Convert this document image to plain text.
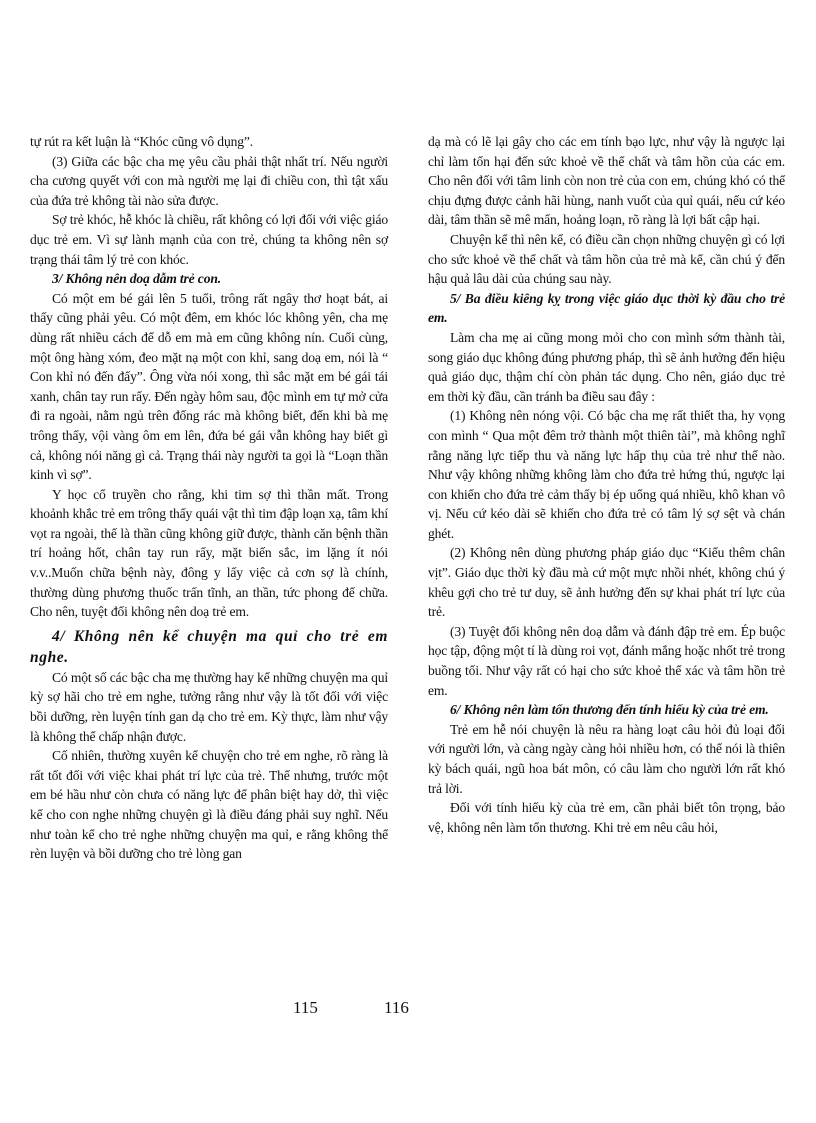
tự rút ra kết luận là “Khóc cũng vô dụng”.

(3) Giữa các bậc cha mẹ yêu cầu phải thật nhất trí. Nếu người cha cương quyết với con mà người mẹ lại đi chiều con, thì tật xấu của đứa trẻ không tài nào sửa được.

Sợ trẻ khóc, hễ khóc là chiều, rất không có lợi đối với việc giáo dục trẻ em. Vì sự lành mạnh của con trẻ, chúng ta không nên sợ trạng thái tâm lý trẻ con khóc.

3/ Không nên doạ dẫm trẻ con.

Có một em bé gái lên 5 tuổi, trông rất ngây thơ hoạt bát, ai thấy cũng phải yêu. Có một đêm, em khóc lóc không yên, cha mẹ dùng rất nhiều cách để dỗ em mà em cũng không nín. Cuối cùng, một ông hàng xóm, đeo mặt nạ một con khỉ, sang doạ em, nói là “ Con khỉ nó đến đấy”. Ông vừa nói xong, thì sắc mặt em bé gái tái xanh, chân tay run rẩy. Đến ngày hôm sau, độc mình em tự mở cửa đi ra ngoài, nằm ngủ trên đống rác mà không biết, đến khi bà mẹ trông thấy, vội vàng ôm em lên, đứa bé gái vẫn không hay biết gì cả, không nói năng gì cả. Trạng thái này người ta gọi là “Loạn thần kinh vì sợ”.

Y học cổ truyền cho rằng, khi tim sợ thì thần mất. Trong khoảnh khắc trẻ em trông thấy quái vật thì tim đập loạn xạ, tâm khí vọt ra ngoài, thế là thần cũng không giữ được, thành căn bệnh thần trí hoảng hốt, chân tay run rẩy, mặt biến sắc, im lặng ít nói v.v..Muốn chữa bệnh này, đông y lấy việc cả cơn sợ là chính, thường dùng phương thuốc trấn tĩnh, an thần, tức phong để chữa. Cho nên, tuyệt đối không nên doạ trẻ em.

4/ Không nên kể chuyện ma quỉ cho trẻ em nghe.

Có một số các bậc cha mẹ thường hay kể những chuyện ma quỉ kỳ sợ hãi cho trẻ em nghe, tưởng rằng như vậy là tốt đối với việc bồi dưỡng, rèn luyện tính gan dạ cho trẻ em. Kỳ thực, làm như vậy là không thể chấp nhận được.

Cố nhiên, thường xuyên kể chuyện cho trẻ em nghe, rõ ràng là rất tốt đối với việc khai phát trí lực của trẻ. Thế nhưng, trước một em bé hầu như còn chưa có năng lực để phân biệt hay dở, thì việc kể cho con nghe những chuyện gì là điều đáng phải suy nghĩ. Nếu như toàn kể cho trẻ nghe những chuyện ma quỉ, e rằng không thể rèn luyện và bồi dưỡng cho trẻ lòng gan

dạ mà có lẽ lại gây cho các em tính bạo lực, như vậy là ngược lại chỉ làm tổn hại đến sức khoẻ về thể chất và tâm hồn của các em. Cho nên đối với tâm linh còn non trẻ của con em, chúng khó có thể chịu đựng được cảnh hãi hùng, nanh vuốt của quỉ quái, nếu cứ kéo dài, tâm thần sẽ mê mẩn, hoảng loạn, rõ ràng là lợi bất cập hại.

Chuyện kể thì nên kể, có điều cần chọn những chuyện gì có lợi cho sức khoẻ về thể chất và tâm hồn của trẻ mà kể, cần chú ý đến hậu quả lâu dài của chúng sau này.

5/ Ba điều kiêng kỵ trong việc giáo dục thời kỳ đầu cho trẻ em.

Làm cha mẹ ai cũng mong mỏi cho con mình sớm thành tài, song giáo dục không đúng phương pháp, thì sẽ ảnh hưởng đến hiệu quả giáo dục, thậm chí còn phản tác dụng. Cho nên, giáo dục trẻ em thời kỳ đầu, cần tránh ba điều sau đây :

(1) Không nên nóng vội. Có bậc cha mẹ rất thiết tha, hy vọng con mình “ Qua một đêm trở thành một thiên tài”, mà không nghĩ rằng năng lực tiếp thu và năng lực hấp thụ của trẻ như thế nào. Như vậy không những không làm cho đứa trẻ hứng thú, ngược lại con khiến cho đứa trẻ cảm thấy bị ép uổng quá nhiều, khô khan vô vị. Nếu cứ kéo dài sẽ khiến cho đứa trẻ có tâm lý sợ sệt và chán ghét.

(2) Không nên dùng phương pháp giáo dục “Kiểu thêm chân vịt”. Giáo dục thời kỳ đầu mà cứ một mực nhồi nhét, không chú ý khêu gợi cho trẻ tư duy, sẽ ảnh hưởng đến sự khai phát trí lực của trẻ.

(3) Tuyệt đối không nên doạ dẫm và đánh đập trẻ em. Ép buộc học tập, động một tí là dùng roi vọt, đánh mắng hoặc nhốt trẻ trong buồng tối. Như vậy rất có hại cho sức khoẻ thể xác và tâm hồn trẻ em.

6/ Không nên làm tổn thương đến tính hiếu kỳ của trẻ em.

Trẻ em hễ nói chuyện là nêu ra hàng loạt câu hỏi đủ loại đối với người lớn, và càng ngày càng hỏi nhiều hơn, có thể nói là thiên kỳ bách quái, ngũ hoa bát môn, có câu làm cho người lớn rất khó trả lời.

Đối với tính hiếu kỳ của trẻ em, cần phải biết tôn trọng, bảo vệ, không nên làm tổn thương. Khi trẻ em nêu câu hỏi,

115	116
